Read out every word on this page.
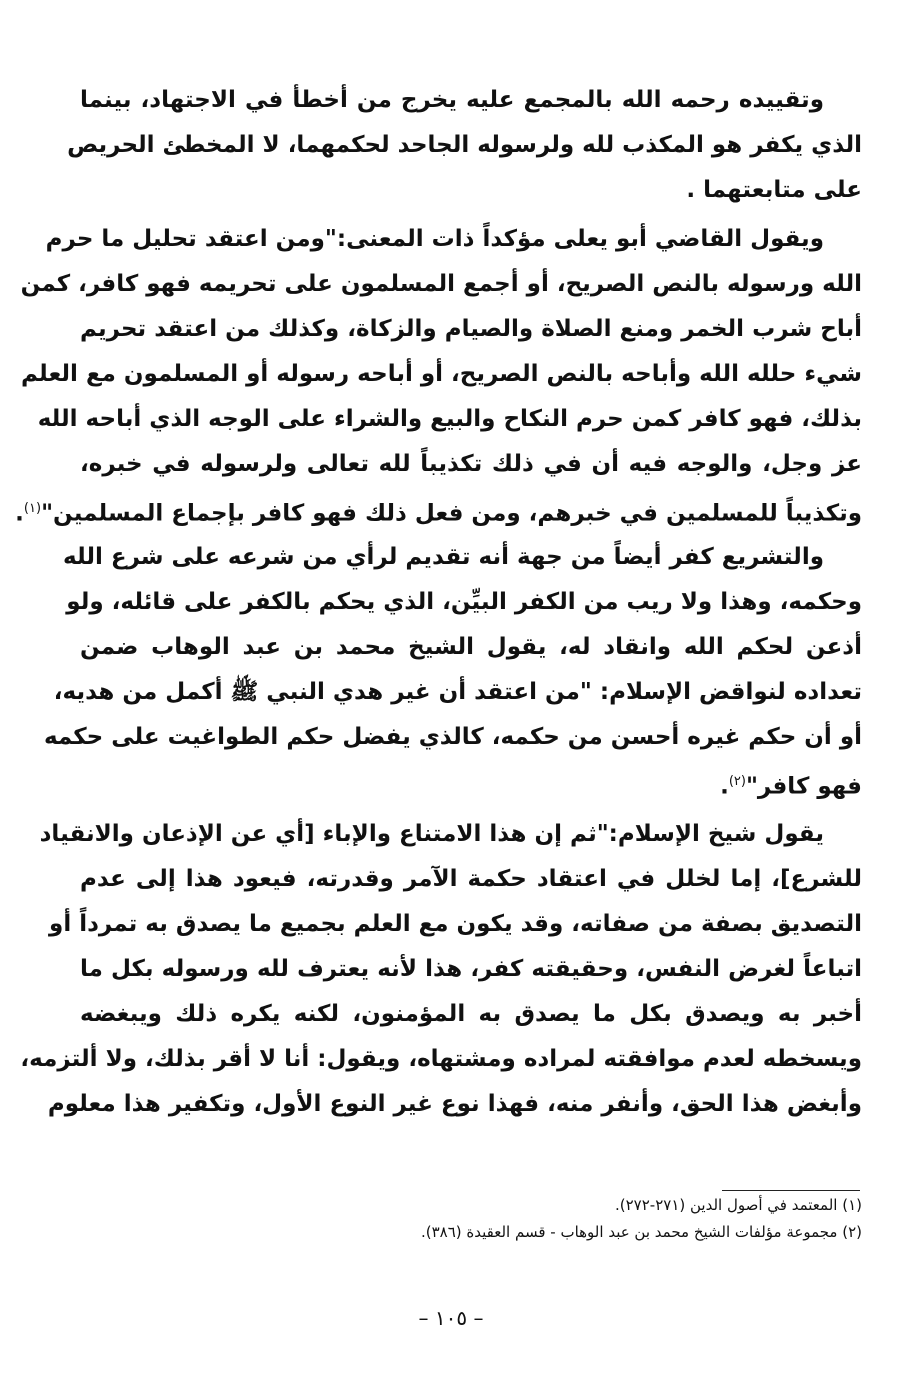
وتقييده رحمه الله بالمجمع عليه يخرج من أخطأ في الاجتهاد، بينما
الذي يكفر هو المكذب لله ولرسوله الجاحد لحكمهما، لا المخطئ الحريص
على متابعتهما .
ويقول القاضي أبو يعلى مؤكداً ذات المعنى:"ومن اعتقد تحليل ما حرم
الله ورسوله بالنص الصريح، أو أجمع المسلمون على تحريمه فهو كافر، كمن
أباح شرب الخمر ومنع الصلاة والصيام والزكاة، وكذلك من اعتقد تحريم
شيء حلله الله وأباحه بالنص الصريح، أو أباحه رسوله أو المسلمون مع العلم
بذلك، فهو كافر كمن حرم النكاح والبيع والشراء على الوجه الذي أباحه الله
عز وجل، والوجه فيه أن في ذلك تكذيباً لله تعالى ولرسوله في خبره،
وتكذيباً للمسلمين في خبرهم، ومن فعل ذلك فهو كافر بإجماع المسلمين"$^{(١)}$.
والتشريع كفر أيضاً من جهة أنه تقديم لرأي من شرعه على شرع الله
وحكمه، وهذا ولا ريب من الكفر البيِّن، الذي يحكم بالكفر على قائله، ولو
أذعن لحكم الله وانقاد له، يقول الشيخ محمد بن عبد الوهاب ضمن
تعداده لنواقض الإسلام: "من اعتقد أن غير هدي النبي ﷺ أكمل من هديه،
أو أن حكم غيره أحسن من حكمه، كالذي يفضل حكم الطواغيت على حكمه
فهو كافر"$^{(٢)}$.
يقول شيخ الإسلام:"ثم إن هذا الامتناع والإباء [أي عن الإذعان والانقياد
للشرع]، إما لخلل في اعتقاد حكمة الآمر وقدرته، فيعود هذا إلى عدم
التصديق بصفة من صفاته، وقد يكون مع العلم بجميع ما يصدق به تمرداً أو
اتباعاً لغرض النفس، وحقيقته كفر، هذا لأنه يعترف لله ورسوله بكل ما
أخبر به ويصدق بكل ما يصدق به المؤمنون، لكنه يكره ذلك ويبغضه
ويسخطه لعدم موافقته لمراده ومشتهاه، ويقول: أنا لا أقر بذلك، ولا ألتزمه،
وأبغض هذا الحق، وأنفر منه، فهذا نوع غير النوع الأول، وتكفير هذا معلوم
(١) المعتمد في أصول الدين (٢٧١-٢٧٢).
(٢) مجموعة مؤلفات الشيخ محمد بن عبد الوهاب - قسم العقيدة (٣٨٦).
– ١٠٥ –
